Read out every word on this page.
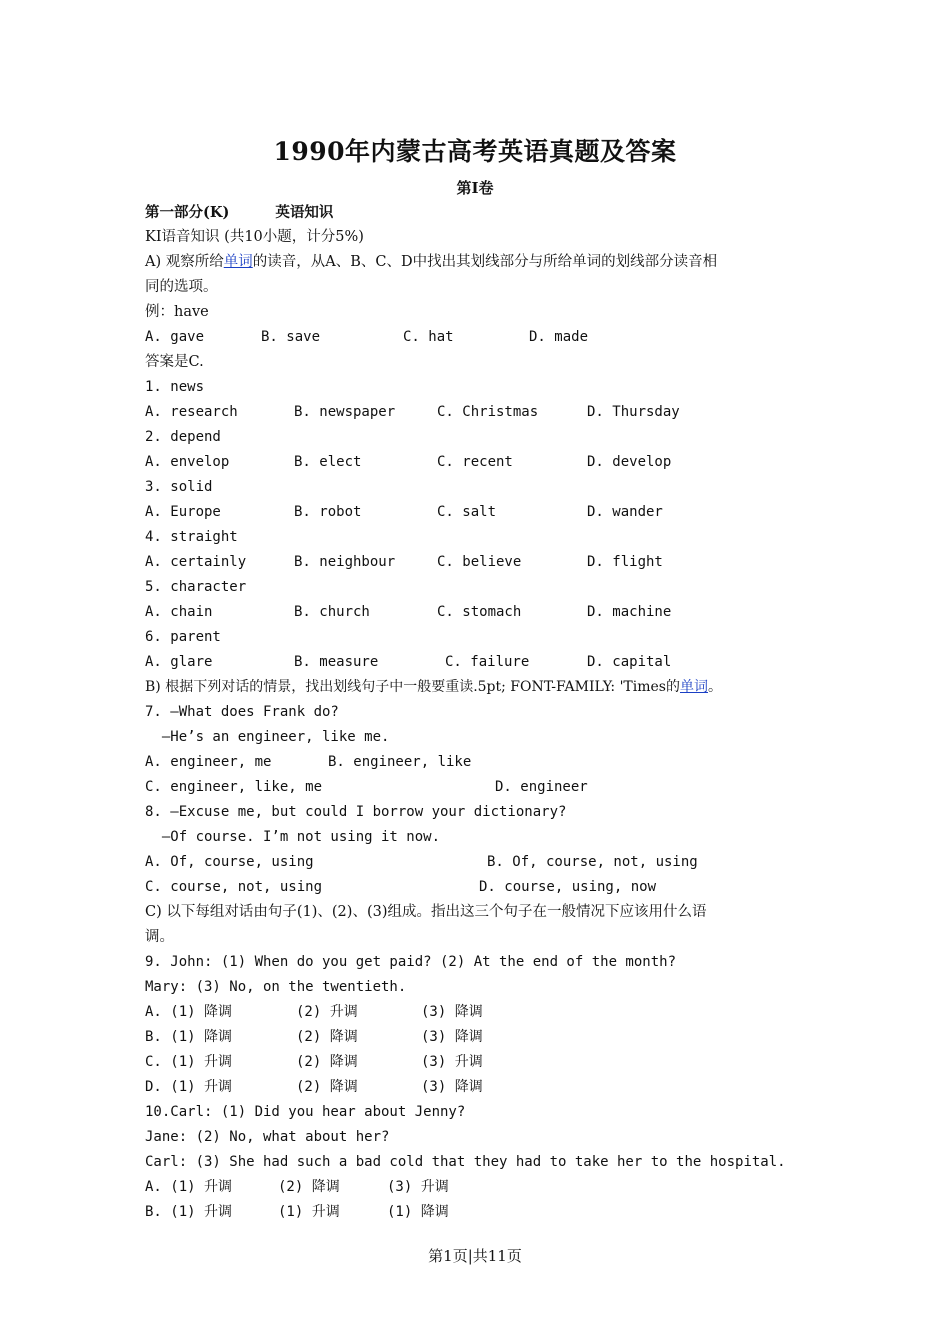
1990年内蒙古高考英语真题及答案
第Ⅰ卷
第一部分(K)	英语知识
KⅠ语音知识 (共10小题，计分5%)
A) 观察所给单词的读音，从A、B、C、D中找出其划线部分与所给单词的划线部分读音相
同的选项。
例：have
A. gave	B. save	C. hat	D. made
答案是C.
1. news
A. research	B. newspaper	C. Christmas	D. Thursday
2. depend
A. envelop	B. elect	C. recent	D. develop
3. solid
A. Europe	B. robot	C. salt	D. wander
4. straight
A. certainly	B. neighbour	C. believe	D. flight
5. character
A. chain	B. church	C. stomach	D. machine
6. parent
A. glare	B. measure	C. failure	D. capital
B) 根据下列对话的情景，找出划线句子中一般要重读.5pt; FONT-FAMILY: 'Times的单词。
7. —What does Frank do?
—He’s an engineer, like me.
A. engineer, me	B. engineer, like
C. engineer, like, me	D. engineer
8. —Excuse me, but could I borrow your dictionary?
—Of course. I’m not using it now.
A. Of, course, using	B. Of, course, not, using
C. course, not, using	D. course, using, now
C) 以下每组对话由句子(1)、(2)、(3)组成。指出这三个句子在一般情况下应该用什么语
调。
9. John: (1) When do you get paid? (2) At the end of the month?
Mary: (3) No, on the twentieth.
A. (1) 降调	(2) 升调	(3) 降调
B. (1) 降调	(2) 降调	(3) 降调
C. (1) 升调	(2) 降调	(3) 升调
D. (1) 升调	(2) 降调	(3) 降调
10.Carl: (1) Did you hear about Jenny?
Jane: (2) No, what about her?
Carl: (3) She had such a bad cold that they had to take her to the hospital.
A. (1) 升调	(2) 降调	(3) 升调
B. (1) 升调	(1) 升调	(1) 降调
第1页|共11页
